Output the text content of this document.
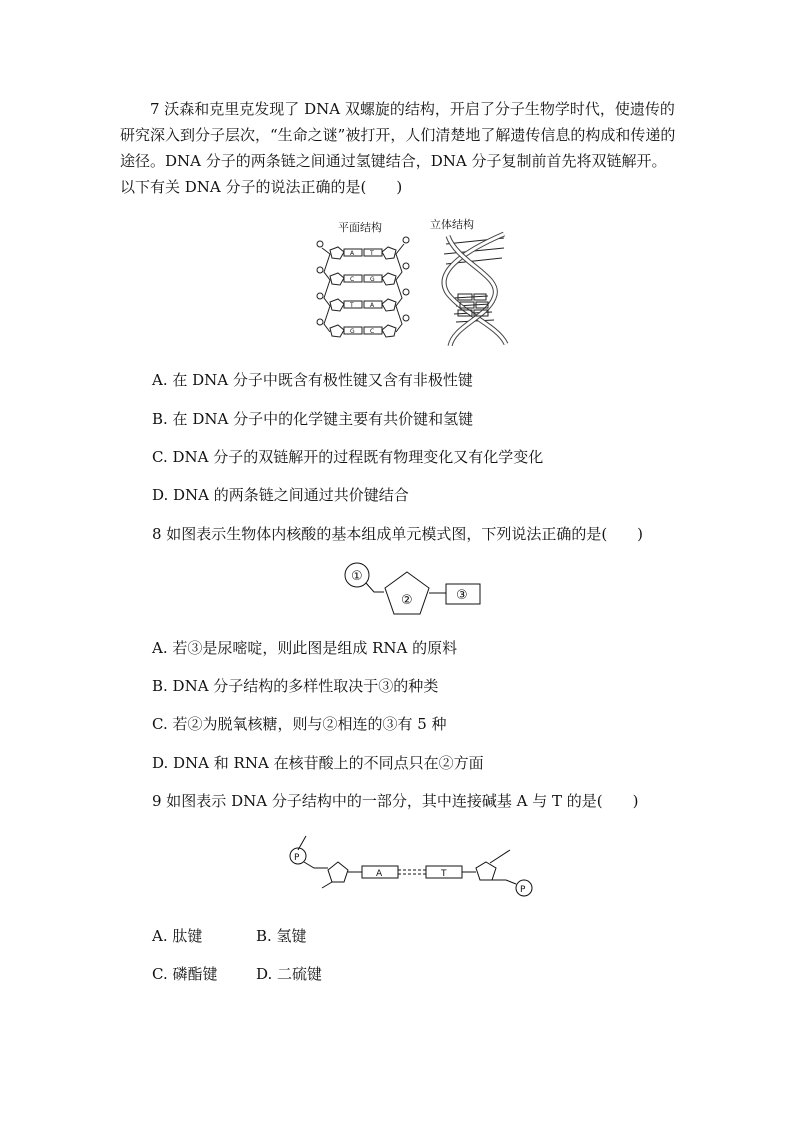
7 沃森和克里克发现了 DNA 双螺旋的结构，开启了分子生物学时代，使遗传的研究深入到分子层次，“生命之谜”被打开，人们清楚地了解遗传信息的构成和传递的途径。DNA 分子的两条链之间通过氢键结合，DNA 分子复制前首先将双链解开。以下有关 DNA 分子的说法正确的是(　　)
平面结构
A	T
C	G
T	A
G	C
立体结构
A. 在 DNA 分子中既含有极性键又含有非极性键
B. 在 DNA 分子中的化学键主要有共价键和氢键
C. DNA 分子的双链解开的过程既有物理变化又有化学变化
D. DNA 的两条链之间通过共价键结合
8 如图表示生物体内核酸的基本组成单元模式图，下列说法正确的是(　　)
①
②	③
A. 若③是尿嘧啶，则此图是组成 RNA 的原料
B. DNA 分子结构的多样性取决于③的种类
C. 若②为脱氧核糖，则与②相连的③有 5 种
D. DNA 和 RNA 在核苷酸上的不同点只在②方面
9 如图表示 DNA 分子结构中的一部分，其中连接碱基 A 与 T 的是(　　)
P
A	T
P
A. 肽键	B. 氢键
C. 磷酯键	D. 二硫键
